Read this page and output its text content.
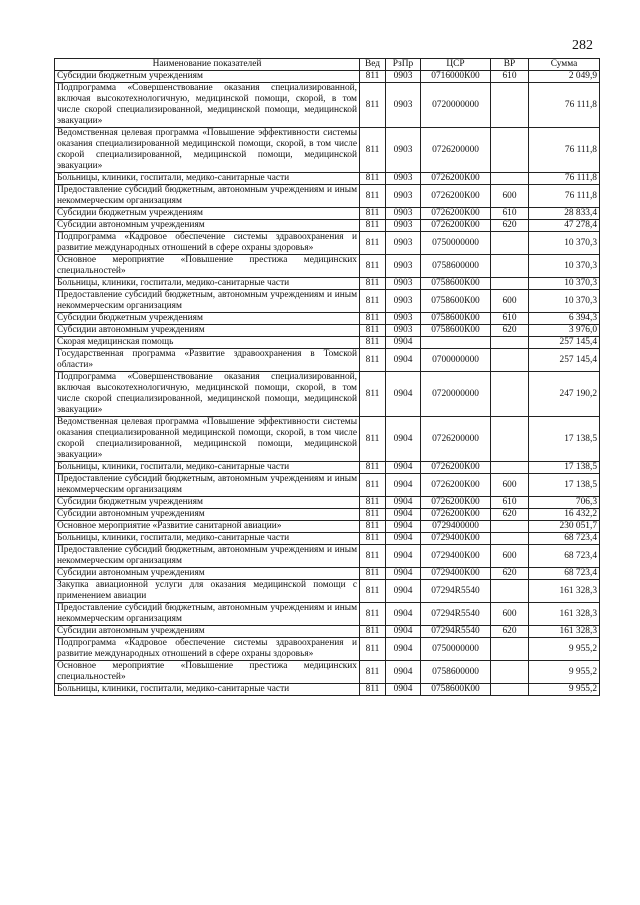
282
Наименование показателей	Вед	РзПр	ЦСР	ВР	Сумма
Субсидии бюджетным учреждениям	811	0903	0716000К00	610	2 049,9
Подпрограмма «Совершенствование оказания специализированной, включая высокотехнологичную, медицинской помощи, скорой, в том числе скорой специализированной, медицинской помощи, медицинской эвакуации»	811	0903	0720000000		76 111,8
Ведомственная целевая программа «Повышение эффективности системы оказания специализированной медицинской помощи, скорой, в том числе скорой специализированной, медицинской помощи, медицинской эвакуации»	811	0903	0726200000		76 111,8
Больницы, клиники, госпитали, медико-санитарные части	811	0903	0726200К00		76 111,8
Предоставление субсидий бюджетным, автономным учреждениям и иным некоммерческим организациям	811	0903	0726200К00	600	76 111,8
Субсидии бюджетным учреждениям	811	0903	0726200К00	610	28 833,4
Субсидии автономным учреждениям	811	0903	0726200К00	620	47 278,4
Подпрограмма «Кадровое обеспечение системы здравоохранения и развитие международных отношений в сфере охраны здоровья»	811	0903	0750000000		10 370,3
Основное мероприятие «Повышение престижа медицинских специальностей»	811	0903	0758600000		10 370,3
Больницы, клиники, госпитали, медико-санитарные части	811	0903	0758600К00		10 370,3
Предоставление субсидий бюджетным, автономным учреждениям и иным некоммерческим организациям	811	0903	0758600К00	600	10 370,3
Субсидии бюджетным учреждениям	811	0903	0758600К00	610	6 394,3
Субсидии автономным учреждениям	811	0903	0758600К00	620	3 976,0
Скорая медицинская помощь	811	0904			257 145,4
Государственная программа «Развитие здравоохранения в Томской области»	811	0904	0700000000		257 145,4
Подпрограмма «Совершенствование оказания специализированной, включая высокотехнологичную, медицинской помощи, скорой, в том числе скорой специализированной, медицинской помощи, медицинской эвакуации»	811	0904	0720000000		247 190,2
Ведомственная целевая программа «Повышение эффективности системы оказания специализированной медицинской помощи, скорой, в том числе скорой специализированной, медицинской помощи, медицинской эвакуации»	811	0904	0726200000		17 138,5
Больницы, клиники, госпитали, медико-санитарные части	811	0904	0726200К00		17 138,5
Предоставление субсидий бюджетным, автономным учреждениям и иным некоммерческим организациям	811	0904	0726200К00	600	17 138,5
Субсидии бюджетным учреждениям	811	0904	0726200К00	610	706,3
Субсидии автономным учреждениям	811	0904	0726200К00	620	16 432,2
Основное мероприятие «Развитие санитарной авиации»	811	0904	0729400000		230 051,7
Больницы, клиники, госпитали, медико-санитарные части	811	0904	0729400К00		68 723,4
Предоставление субсидий бюджетным, автономным учреждениям и иным некоммерческим организациям	811	0904	0729400К00	600	68 723,4
Субсидии автономным учреждениям	811	0904	0729400К00	620	68 723,4
Закупка авиационной услуги для оказания медицинской помощи с применением авиации	811	0904	07294R5540		161 328,3
Предоставление субсидий бюджетным, автономным учреждениям и иным некоммерческим организациям	811	0904	07294R5540	600	161 328,3
Субсидии автономным учреждениям	811	0904	07294R5540	620	161 328,3
Подпрограмма «Кадровое обеспечение системы здравоохранения и развитие международных отношений в сфере охраны здоровья»	811	0904	0750000000		9 955,2
Основное мероприятие «Повышение престижа медицинских специальностей»	811	0904	0758600000		9 955,2
Больницы, клиники, госпитали, медико-санитарные части	811	0904	0758600К00		9 955,2
